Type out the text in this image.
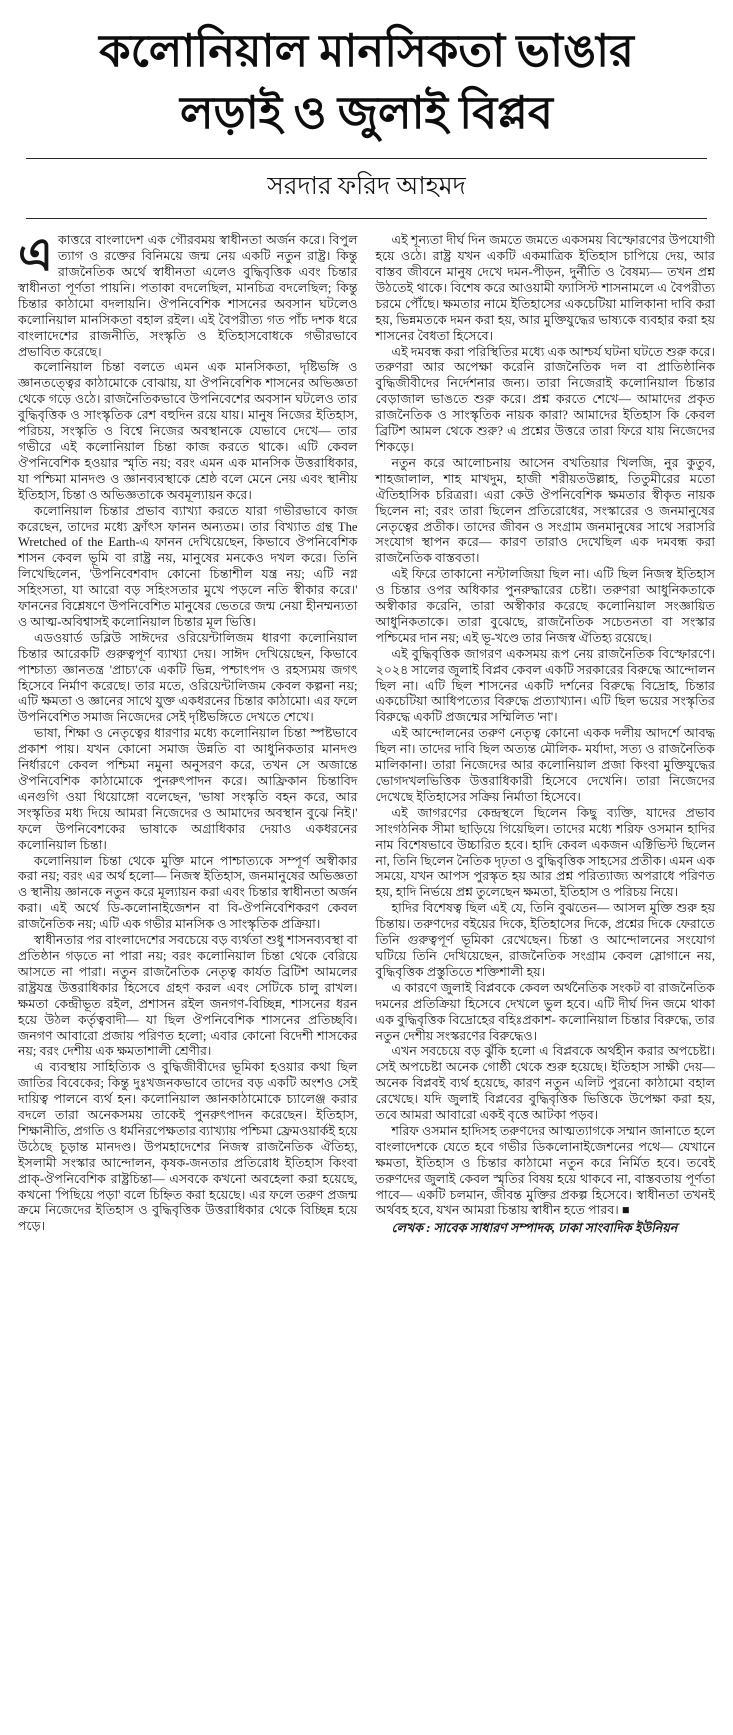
কলোনিয়াল মানসিকতা ভাঙার
লড়াই ও জুলাই বিপ্লব
সরদার ফরিদ আহমদ

একাত্তরে বাংলাদেশ এক গৌরবময় স্বাধীনতা অর্জন করে। বিপুল ত্যাগ ও রক্তের বিনিময়ে জন্ম নেয় একটি নতুন রাষ্ট্র। কিন্তু রাজনৈতিক অর্থে স্বাধীনতা এলেও বুদ্ধিবৃত্তিক এবং চিন্তার স্বাধীনতা পূর্ণতা পায়নি। পতাকা বদলেছিল, মানচিত্র বদলেছিল; কিন্তু চিন্তার কাঠামো বদলায়নি। ঔপনিবেশিক শাসনের অবসান ঘটলেও কলোনিয়াল মানসিকতা বহাল রইল। এই বৈপরীত্য গত পাঁচ দশক ধরে বাংলাদেশের রাজনীতি, সংস্কৃতি ও ইতিহাসবোধকে গভীরভাবে প্রভাবিত করেছে।

কলোনিয়াল চিন্তা বলতে এমন এক মানসিকতা, দৃষ্টিভঙ্গি ও জ্ঞানতত্ত্বের কাঠামোকে বোঝায়, যা ঔপনিবেশিক শাসনের অভিজ্ঞতা থেকে গড়ে ওঠে। রাজনৈতিকভাবে উপনিবেশের অবসান ঘটলেও তার বুদ্ধিবৃত্তিক ও সাংস্কৃতিক রেশ বহুদিন রয়ে যায়। মানুষ নিজের ইতিহাস, পরিচয়, সংস্কৃতি ও বিশ্বে নিজের অবস্থানকে যেভাবে দেখে— তার গভীরে এই কলোনিয়াল চিন্তা কাজ করতে থাকে। এটি কেবল ঔপনিবেশিক হওয়ার স্মৃতি নয়; বরং এমন এক মানসিক উত্তরাধিকার, যা পশ্চিমা মানদণ্ড ও জ্ঞানব্যবস্থাকে শ্রেষ্ঠ বলে মেনে নেয় এবং স্থানীয় ইতিহাস, চিন্তা ও অভিজ্ঞতাকে অবমূল্যায়ন করে।

কলোনিয়াল চিন্তার প্রভাব ব্যাখ্যা করতে যারা গভীরভাবে কাজ করেছেন, তাদের মধ্যে ফ্রাঁৎস ফানন অন্যতম। তার বিখ্যাত গ্রন্থ The Wretched of the Earth-এ ফানন দেখিয়েছেন, কিভাবে ঔপনিবেশিক শাসন কেবল ভূমি বা রাষ্ট্র নয়, মানুষের মনকেও দখল করে। তিনি লিখেছিলেন, 'উপনিবেশবাদ কোনো চিন্তাশীল যন্ত্র নয়; এটি নগ্ন সহিংসতা, যা আরো বড় সহিংসতার মুখে পড়লে নতি স্বীকার করে।' ফাননের বিশ্লেষণে উপনিবেশিত মানুষের ভেতরে জন্ম নেয়া হীনম্মন্যতা ও আত্ম-অবিশ্বাসই কলোনিয়াল চিন্তার মূল ভিত্তি।

এডওয়ার্ড ডব্লিউ সাঈদের ওরিয়েন্টালিজম ধারণা কলোনিয়াল চিন্তার আরেকটি গুরুত্বপূর্ণ ব্যাখ্যা দেয়। সাঈদ দেখিয়েছেন, কিভাবে পাশ্চাত্য জ্ঞানতন্ত্র 'প্রাচ্য'কে একটি ভিন্ন, পশ্চাৎপদ ও রহস্যময় জগৎ হিসেবে নির্মাণ করেছে। তার মতে, ওরিয়েন্টালিজম কেবল কল্পনা নয়; এটি ক্ষমতা ও জ্ঞানের সাথে যুক্ত একধরনের চিন্তার কাঠামো। এর ফলে উপনিবেশিত সমাজ নিজেদের সেই দৃষ্টিভঙ্গিতে দেখতে শেখে।

ভাষা, শিক্ষা ও নেতৃত্বের ধারণার মধ্যে কলোনিয়াল চিন্তা স্পষ্টভাবে প্রকাশ পায়। যখন কোনো সমাজ উন্নতি বা আধুনিকতার মানদণ্ড নির্ধারণে কেবল পশ্চিমা নমুনা অনুসরণ করে, তখন সে অজান্তে ঔপনিবেশিক কাঠামোকে পুনরুৎপাদন করে। আফ্রিকান চিন্তাবিদ এনগুগি ওয়া থিয়োঙ্গো বলেছেন, 'ভাষা সংস্কৃতি বহন করে, আর সংস্কৃতির মধ্য দিয়ে আমরা নিজেদের ও আমাদের অবস্থান বুঝে নিই।' ফলে উপনিবেশকের ভাষাকে অগ্রাধিকার দেয়াও একধরনের কলোনিয়াল চিন্তা।

কলোনিয়াল চিন্তা থেকে মুক্তি মানে পাশ্চাত্যকে সম্পূর্ণ অস্বীকার করা নয়; বরং এর অর্থ হলো— নিজস্ব ইতিহাস, জনমানুষের অভিজ্ঞতা ও স্থানীয় জ্ঞানকে নতুন করে মূল্যায়ন করা এবং চিন্তার স্বাধীনতা অর্জন করা। এই অর্থে ডি-কলোনাইজেশন বা বি-ঔপনিবেশিকরণ কেবল রাজনৈতিক নয়; এটি এক গভীর মানসিক ও সাংস্কৃতিক প্রক্রিয়া।

স্বাধীনতার পর বাংলাদেশের সবচেয়ে বড় ব্যর্থতা শুধু শাসনব্যবস্থা বা প্রতিষ্ঠান গড়তে না পারা নয়; বরং কলোনিয়াল চিন্তা থেকে বেরিয়ে আসতে না পারা। নতুন রাজনৈতিক নেতৃত্ব কার্যত ব্রিটিশ আমলের রাষ্ট্রযন্ত্র উত্তরাধিকার হিসেবে গ্রহণ করল এবং সেটিকে চালু রাখল। ক্ষমতা কেন্দ্রীভূত রইল, প্রশাসন রইল জনগণ-বিচ্ছিন্ন, শাসনের ধরন হয়ে উঠল কর্তৃত্ববাদী— যা ছিল ঔপনিবেশিক শাসনের প্রতিচ্ছবি। জনগণ আবারো প্রজায় পরিণত হলো; এবার কোনো বিদেশী শাসকের নয়; বরং দেশীয় এক ক্ষমতাশালী শ্রেণীর।

এ ব্যবস্থায় সাহিত্যিক ও বুদ্ধিজীবীদের ভূমিকা হওয়ার কথা ছিল জাতির বিবেকের; কিন্তু দুঃখজনকভাবে তাদের বড় একটি অংশও সেই দায়িত্ব পালনে ব্যর্থ হন। কলোনিয়াল জ্ঞানকাঠামোকে চ্যালেঞ্জ করার বদলে তারা অনেকসময় তাকেই পুনরুৎপাদন করেছেন। ইতিহাস, শিক্ষানীতি, প্রগতি ও ধর্মনিরপেক্ষতার ব্যাখ্যায় পশ্চিমা ফ্রেমওয়ার্কই হয়ে উঠেছে চূড়ান্ত মানদণ্ড। উপমহাদেশের নিজস্ব রাজনৈতিক ঐতিহ্য, ইসলামী সংস্কার আন্দোলন, কৃষক-জনতার প্রতিরোধ ইতিহাস কিংবা প্রাক্-ঔপনিবেশিক রাষ্ট্রচিন্তা— এসবকে কখনো অবহেলা করা হয়েছে, কখনো 'পিছিয়ে পড়া' বলে চিহ্নিত করা হয়েছে। এর ফলে তরুণ প্রজন্ম ক্রমে নিজেদের ইতিহাস ও বুদ্ধিবৃত্তিক উত্তরাধিকার থেকে বিচ্ছিন্ন হয়ে পড়ে।

এই শূন্যতা দীর্ঘ দিন জমতে জমতে একসময় বিস্ফোরণের উপযোগী হয়ে ওঠে। রাষ্ট্র যখন একটি একমাত্রিক ইতিহাস চাপিয়ে দেয়, আর বাস্তব জীবনে মানুষ দেখে দমন-পীড়ন, দুর্নীতি ও বৈষম্য— তখন প্রশ্ন উঠতেই থাকে। বিশেষ করে আওয়ামী ফ্যাসিস্ট শাসনামলে এ বৈপরীত্য চরমে পৌঁছে। ক্ষমতার নামে ইতিহাসের একচেটিয়া মালিকানা দাবি করা হয়, ভিন্নমতকে দমন করা হয়, আর মুক্তিযুদ্ধের ভাষ্যকে ব্যবহার করা হয় শাসনের বৈধতা হিসেবে।

এই দমবন্ধ করা পরিস্থিতির মধ্যে এক আশ্চর্য ঘটনা ঘটতে শুরু করে। তরুণরা আর অপেক্ষা করেনি রাজনৈতিক দল বা প্রাতিষ্ঠানিক বুদ্ধিজীবীদের নির্দেশনার জন্য। তারা নিজেরাই কলোনিয়াল চিন্তার বেড়াজাল ভাঙতে শুরু করে। প্রশ্ন করতে শেখে— আমাদের প্রকৃত রাজনৈতিক ও সাংস্কৃতিক নায়ক কারা? আমাদের ইতিহাস কি কেবল ব্রিটিশ আমল থেকে শুরু? এ প্রশ্নের উত্তরে তারা ফিরে যায় নিজেদের শিকড়ে।

নতুন করে আলোচনায় আসেন বখতিয়ার খিলজি, নুর কুতুব, শাহজালাল, শাহ মাখদুম, হাজী শরীয়তউল্লাহ, তিতুমীরের মতো ঐতিহাসিক চরিত্ররা। এরা কেউ ঔপনিবেশিক ক্ষমতার স্বীকৃত নায়ক ছিলেন না; বরং তারা ছিলেন প্রতিরোধের, সংস্কারের ও জনমানুষের নেতৃত্বের প্রতীক। তাদের জীবন ও সংগ্রাম জনমানুষের সাথে সরাসরি সংযোগ স্থাপন করে— কারণ তারাও দেখেছিল এক দমবন্ধ করা রাজনৈতিক বাস্তবতা।

এই ফিরে তাকানো নস্টালজিয়া ছিল না। এটি ছিল নিজস্ব ইতিহাস ও চিন্তার ওপর অধিকার পুনরুদ্ধারের চেষ্টা। তরুণরা আধুনিকতাকে অস্বীকার করেনি, তারা অস্বীকার করেছে কলোনিয়াল সংজ্ঞায়িত আধুনিকতাকে। তারা বুঝেছে, রাজনৈতিক সচেতনতা বা সংস্কার পশ্চিমের দান নয়; এই ভূ-খণ্ডে তার নিজস্ব ঐতিহ্য রয়েছে।

এই বুদ্ধিবৃত্তিক জাগরণ একসময় রূপ নেয় রাজনৈতিক বিস্ফোরণে। ২০২৪ সালের জুলাই বিপ্লব কেবল একটি সরকারের বিরুদ্ধে আন্দোলন ছিল না। এটি ছিল শাসনের একটি দর্শনের বিরুদ্ধে বিদ্রোহ, চিন্তার একচেটিয়া আধিপত্যের বিরুদ্ধে প্রত্যাখ্যান। এটি ছিল ভয়ের সংস্কৃতির বিরুদ্ধে একটি প্রজন্মের সম্মিলিত 'না'।

এই আন্দোলনের তরুণ নেতৃত্ব কোনো একক দলীয় আদর্শে আবদ্ধ ছিল না। তাদের দাবি ছিল অত্যন্ত মৌলিক- মর্যাদা, সত্য ও রাজনৈতিক মালিকানা। তারা নিজেদের আর কলোনিয়াল প্রজা কিংবা মুক্তিযুদ্ধের ভোগদখলভিত্তিক উত্তরাধিকারী হিসেবে দেখেনি। তারা নিজেদের দেখেছে ইতিহাসের সক্রিয় নির্মাতা হিসেবে।

এই জাগরণের কেন্দ্রস্থলে ছিলেন কিছু ব্যক্তি, যাদের প্রভাব সাংগঠনিক সীমা ছাড়িয়ে গিয়েছিল। তাদের মধ্যে শরিফ ওসমান হাদির নাম বিশেষভাবে উচ্চারিত হবে। হাদি কেবল একজন এক্টিভিস্ট ছিলেন না, তিনি ছিলেন নৈতিক দৃঢ়তা ও বুদ্ধিবৃত্তিক সাহসের প্রতীক। এমন এক সময়ে, যখন আপস পুরস্কৃত হয় আর প্রশ্ন পরিত্যাজ্য অপরাধে পরিণত হয়, হাদি নির্ভয়ে প্রশ্ন তুলেছেন ক্ষমতা, ইতিহাস ও পরিচয় নিয়ে।

হাদির বিশেষত্ব ছিল এই যে, তিনি বুঝতেন— আসল মুক্তি শুরু হয় চিন্তায়। তরুণদের বইয়ের দিকে, ইতিহাসের দিকে, প্রশ্নের দিকে ফেরাতে তিনি গুরুত্বপূর্ণ ভূমিকা রেখেছেন। চিন্তা ও আন্দোলনের সংযোগ ঘটিয়ে তিনি দেখিয়েছেন, রাজনৈতিক সংগ্রাম কেবল স্লোগানে নয়, বুদ্ধিবৃত্তিক প্রস্তুতিতে শক্তিশালী হয়।

এ কারণে জুলাই বিপ্লবকে কেবল অর্থনৈতিক সংকট বা রাজনৈতিক দমনের প্রতিক্রিয়া হিসেবে দেখলে ভুল হবে। এটি দীর্ঘ দিন জমে থাকা এক বুদ্ধিবৃত্তিক বিদ্রোহের বহিঃপ্রকাশ- কলোনিয়াল চিন্তার বিরুদ্ধে, তার নতুন দেশীয় সংস্করণের বিরুদ্ধেও।

এখন সবচেয়ে বড় ঝুঁকি হলো এ বিপ্লবকে অর্থহীন করার অপচেষ্টা। সেই অপচেষ্টা অনেক গোষ্ঠী থেকে শুরু হয়েছে। ইতিহাস সাক্ষী দেয়— অনেক বিপ্লবই ব্যর্থ হয়েছে, কারণ নতুন এলিট পুরনো কাঠামো বহাল রেখেছে। যদি জুলাই বিপ্লবের বুদ্ধিবৃত্তিক ভিত্তিকে উপেক্ষা করা হয়, তবে আমরা আবারো একই বৃত্তে আটকা পড়ব।

শরিফ ওসমান হাদিসহ তরুণদের আত্মত্যাগকে সম্মান জানাতে হলে বাংলাদেশকে যেতে হবে গভীর ডিকলোনাইজেশনের পথে— যেখানে ক্ষমতা, ইতিহাস ও চিন্তার কাঠামো নতুন করে নির্মিত হবে। তবেই তরুণদের জুলাই কেবল স্মৃতির বিষয় হয়ে থাকবে না, বাস্তবতায় পূর্ণতা পাবে— একটি চলমান, জীবন্ত মুক্তির প্রকল্প হিসেবে। স্বাধীনতা তখনই অর্থবহ হবে, যখন আমরা চিন্তায় স্বাধীন হতে পারব। ■

লেখক : সাবেক সাধারণ সম্পাদক, ঢাকা সাংবাদিক ইউনিয়ন
